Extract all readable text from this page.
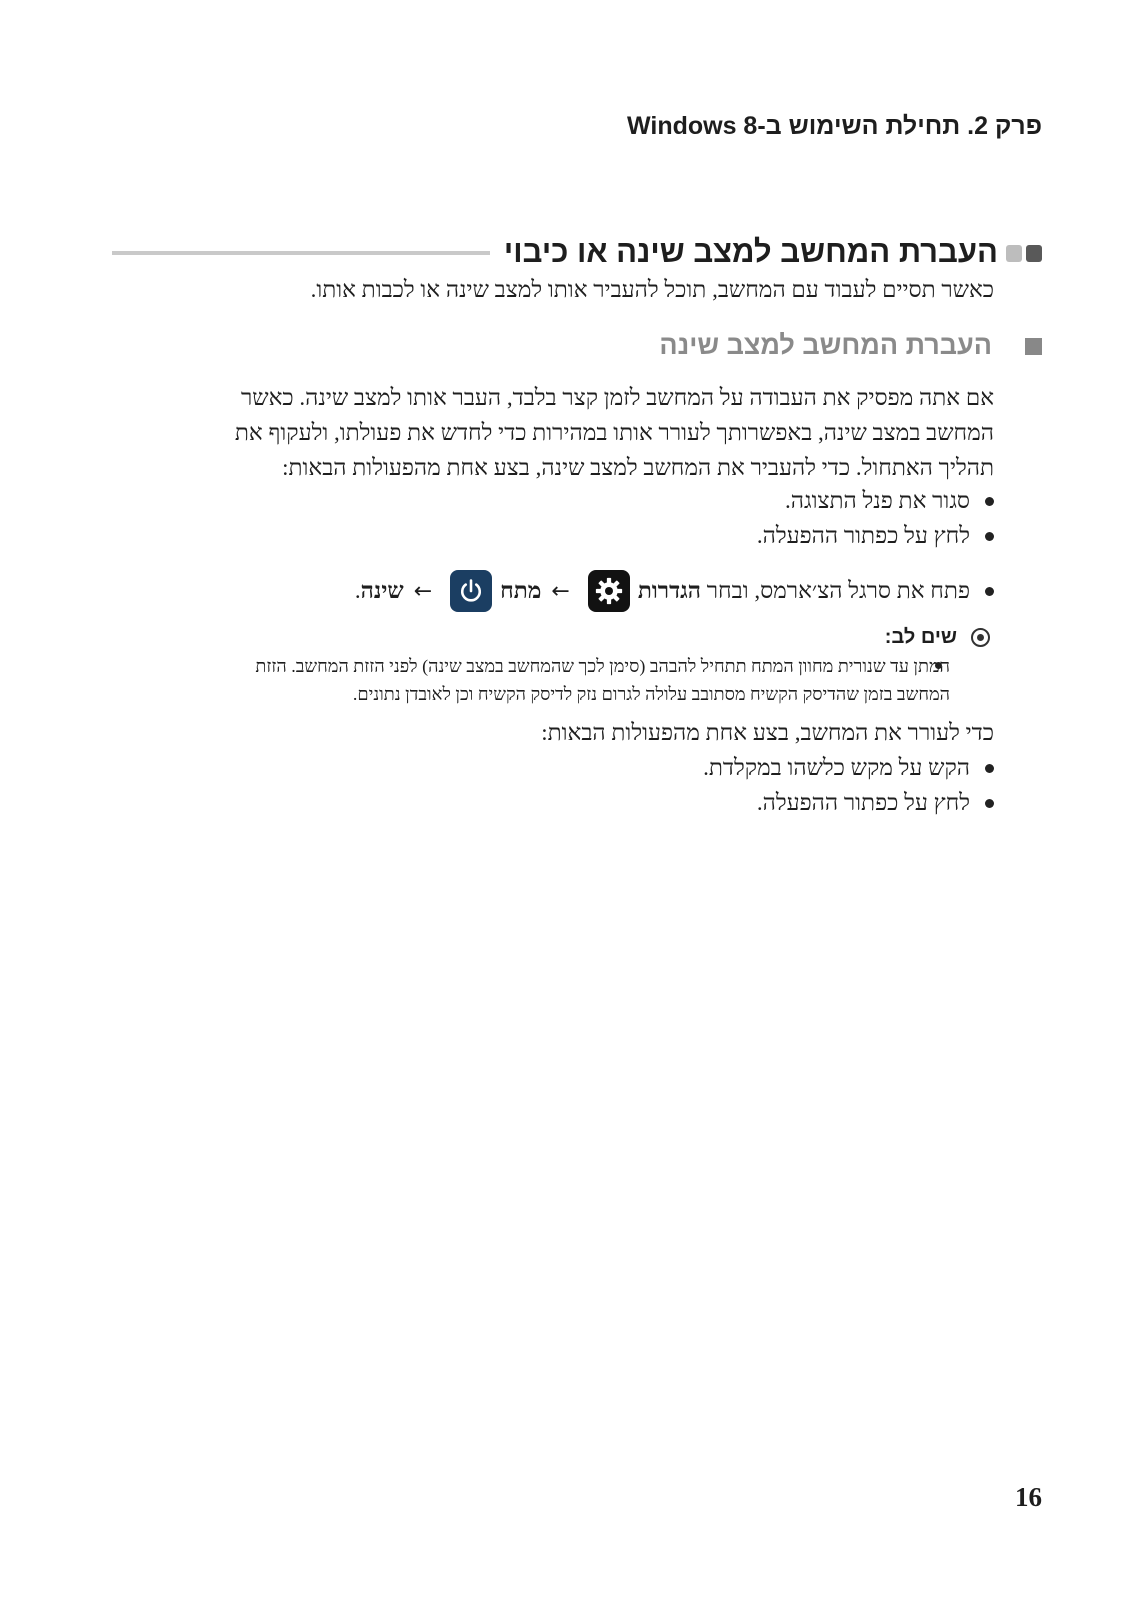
פרק 2. תחילת השימוש ב-Windows 8
העברת המחשב למצב שינה או כיבוי
כאשר תסיים לעבוד עם המחשב, תוכל להעביר אותו למצב שינה או לכבות אותו.
העברת המחשב למצב שינה
אם אתה מפסיק את העבודה על המחשב לזמן קצר בלבד, העבר אותו למצב שינה. כאשר
המחשב במצב שינה, באפשרותך לעורר אותו במהירות כדי לחדש את פעולתו, ולעקוף את
תהליך האתחול. כדי להעביר את המחשב למצב שינה, בצע אחת מהפעולות הבאות:
סגור את פנל התצוגה.
לחץ על כפתור ההפעלה.
פתח את סרגל הצ׳ארמס, ובחר

הגדרות
←
מתח
←
שינה
.
שים לב:
המתן עד שנורית מחוון המתח תתחיל להבהב (סימן לכך שהמחשב במצב שינה) לפני הזזת המחשב. הזזת
המחשב בזמן שהדיסק הקשיח מסתובב עלולה לגרום נזק לדיסק הקשיח וכן לאובדן נתונים.
כדי לעורר את המחשב, בצע אחת מהפעולות הבאות:
הקש על מקש כלשהו במקלדת.
לחץ על כפתור ההפעלה.
16
